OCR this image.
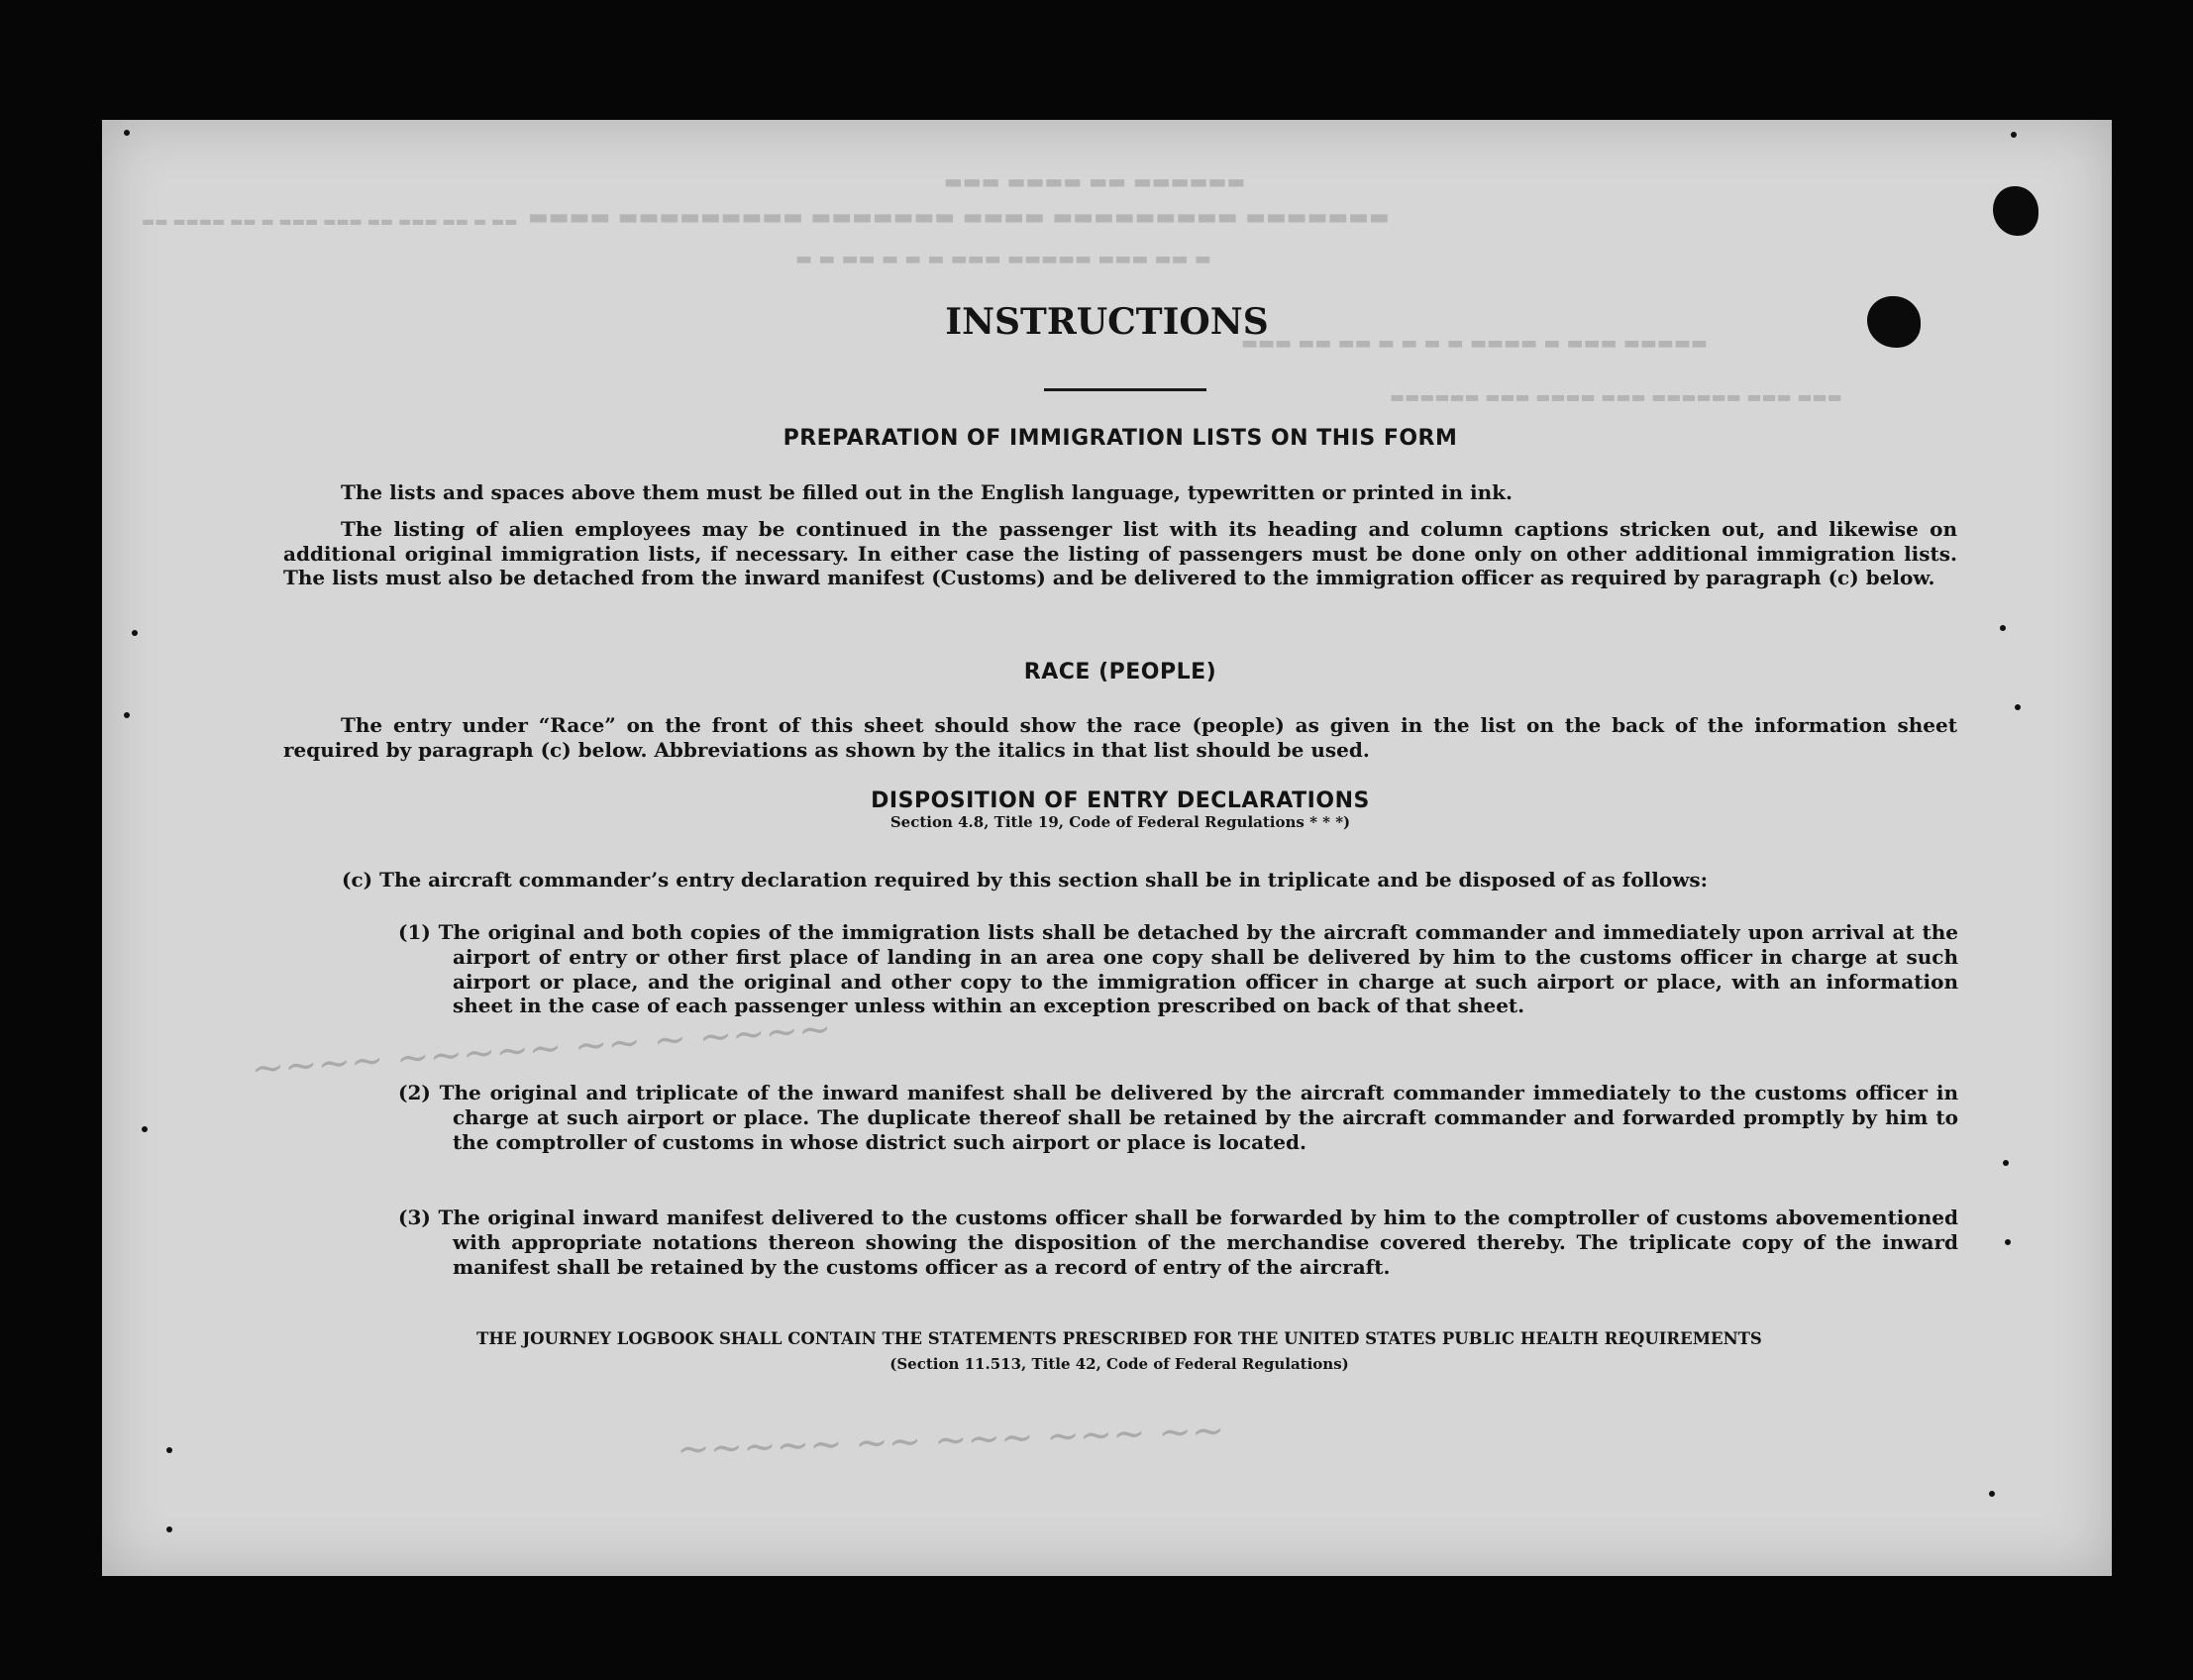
▬▬▬ ▬▬▬▬ ▬▬ ▬▬▬▬▬▬
▬▬▬▬ ▬▬▬▬▬▬▬▬▬ ▬▬▬▬▬▬▬ ▬▬▬▬ ▬▬▬▬▬▬▬▬▬ ▬▬▬▬▬▬▬
▬ ▬ ▬▬ ▬ ▬ ▬ ▬▬▬ ▬▬▬▬▬ ▬▬▬ ▬▬ ▬
▬▬ ▬▬▬▬ ▬▬ ▬ ▬▬▬ ▬▬▬ ▬▬ ▬▬▬ ▬▬ ▬ ▬▬
▬▬▬ ▬▬ ▬▬ ▬ ▬ ▬ ▬ ▬▬▬▬ ▬ ▬▬▬ ▬▬▬▬▬
▬▬▬▬▬▬ ▬▬▬ ▬▬▬▬ ▬▬▬ ▬▬▬▬▬▬ ▬▬▬ ▬▬▬
~~~~ ~~~~~ ~~ ~ ~~~~
~~~~~ ~~ ~~~ ~~~ ~~
INSTRUCTIONS
PREPARATION OF IMMIGRATION LISTS ON THIS FORM

The lists and spaces above them must be filled out in the English language, typewritten or printed in ink.

The listing of alien employees may be continued in the passenger list with its heading and column captions stricken out, and likewise on additional original immigration lists, if necessary. In either case the listing of passengers must be done only on other additional immigration lists. The lists must also be detached from the inward manifest (Customs) and be delivered to the immigration officer as required by paragraph (c) below.

RACE (PEOPLE)

The entry under “Race” on the front of this sheet should show the race (people) as given in the list on the back of the information sheet required by paragraph (c) below. Abbreviations as shown by the italics in that list should be used.

DISPOSITION OF ENTRY DECLARATIONS
Section 4.8, Title 19, Code of Federal Regulations * * *)

(c) The aircraft commander’s entry declaration required by this section shall be in triplicate and be disposed of as follows:

(1) The original and both copies of the immigration lists shall be detached by the aircraft commander and immediately upon arrival at the airport of entry or other first place of landing in an area one copy shall be delivered by him to the customs officer in charge at such airport or place, and the original and other copy to the immigration officer in charge at such airport or place, with an information sheet in the case of each passenger unless within an exception prescribed on back of that sheet.

(2) The original and triplicate of the inward manifest shall be delivered by the aircraft commander immediately to the customs officer in charge at such airport or place. The duplicate thereof shall be retained by the aircraft commander and forwarded promptly by him to the comptroller of customs in whose district such airport or place is located.

(3) The original inward manifest delivered to the customs officer shall be forwarded by him to the comptroller of customs abovementioned with appropriate notations thereon showing the disposition of the merchandise covered thereby. The triplicate copy of the inward manifest shall be retained by the customs officer as a record of entry of the aircraft.

THE JOURNEY LOGBOOK SHALL CONTAIN THE STATEMENTS PRESCRIBED FOR THE UNITED STATES PUBLIC HEALTH REQUIREMENTS
(Section 11.513, Title 42, Code of Federal Regulations)
